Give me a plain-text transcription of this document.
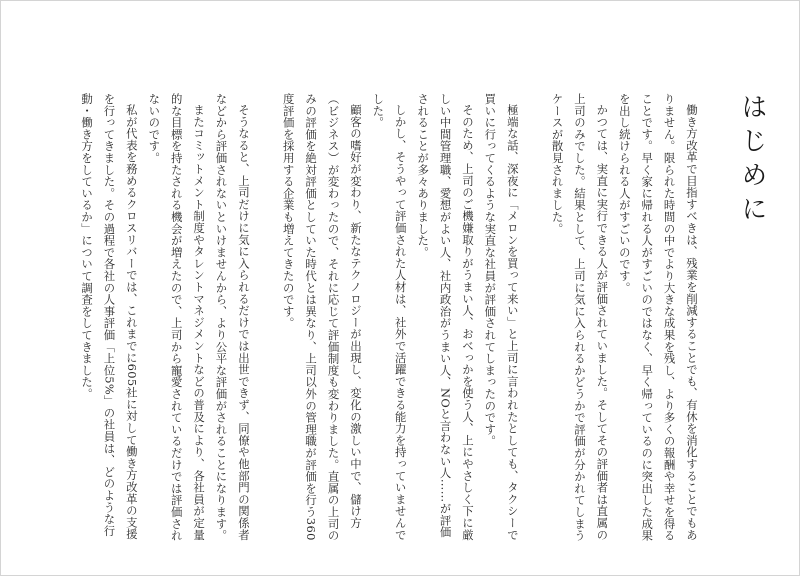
はじめに

働き方改革で目指すべきは、残業を削減することでも、有休を消化することでもありません。限られた時間の中でより大きな成果を残し、より多くの報酬や幸せを得ることです。早く家に帰れる人がすごいのではなく、早く帰っているのに突出した成果を出し続けられる人がすごいのです。

かつては、実直に実行できる人が評価されていました。そしてその評価者は直属の上司のみでした。結果として、上司に気に入られるかどうかで評価が分かれてしまうケースが散見されました。

極端な話、深夜に「メロンを買って来い」と上司に言われたとしても、タクシーで買いに行ってくるような実直な社員が評価されてしまったのです。

そのため、上司のご機嫌取りがうまい人、おべっかを使う人、上にやさしく下に厳しい中間管理職、愛想がよい人、社内政治がうまい人、NOと言わない人……が評価されることが多々ありました。

しかし、そうやって評価された人材は、社外で活躍できる能力を持っていませんでした。

顧客の嗜好が変わり、新たなテクノロジーが出現し、変化の激しい中で、儲け方（ビジネス）が変わったので、それに応じて評価制度も変わりました。直属の上司のみの評価を絶対評価としていた時代とは異なり、上司以外の管理職が評価を行う360度評価を採用する企業も増えてきたのです。

そうなると、上司だけに気に入られるだけでは出世できず、同僚や他部門の関係者などから評価されないといけませんから、より公平な評価がされることになります。

またコミットメント制度やタレントマネジメントなどの普及により、各社員が定量的な目標を持たされる機会が増えたので、上司から寵愛されているだけでは評価されないのです。

私が代表を務めるクロスリバーでは、これまでに605社に対して働き方改革の支援を行ってきました。その過程で各社の人事評価「上位5%」の社員は、どのような行動・働き方をしているか」について調査をしてきました。
